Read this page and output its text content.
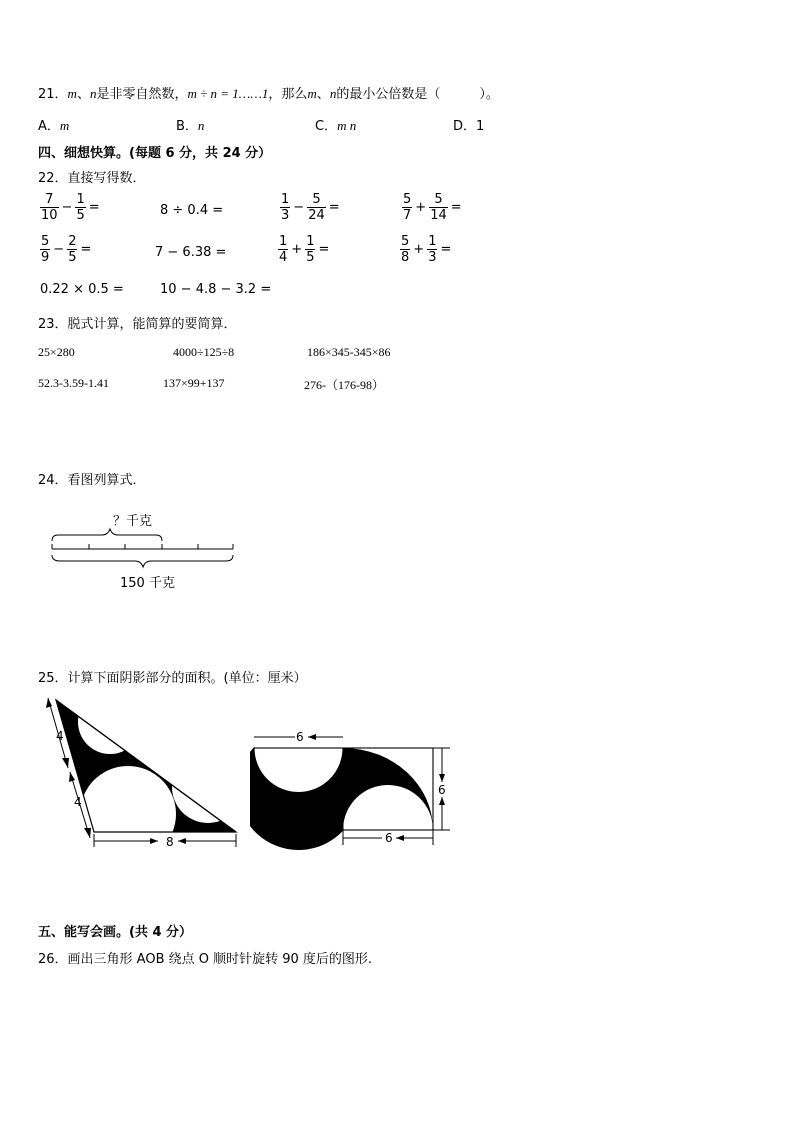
21．m、n是非零自然数，m ÷ n = 1……1，那么m、n的最小公倍数是（　　　）。
A．m	B．n	C．m n	D．1
四、细想快算。(每题 6 分，共 24 分）
22．直接写得数．
$\frac{7}{10} - \frac{1}{5}$ =	8 ÷ 0.4 =	$\frac{1}{3} - \frac{5}{24}$ =	$\frac{5}{7} + \frac{5}{14}$ =
$\frac{5}{9} - \frac{2}{5}$ =	7 − 6.38 =	$\frac{1}{4} + \frac{1}{5}$ =	$\frac{5}{8} + \frac{1}{3}$ =
0.22 × 0.5 =	10 − 4.8 − 3.2 =
23．脱式计算，能简算的要简算．
25×280	4000÷125÷8	186×345-345×86
52.3-3.59-1.41	137×99+137	276-（176-98）
24．看图列算式．
？千克
150 千克
25．计算下面阴影部分的面积。(单位：厘米）
4
4
8
6
6
6
五、能写会画。(共 4 分）
26．画出三角形 AOB 绕点 O 顺时针旋转 90 度后的图形.
